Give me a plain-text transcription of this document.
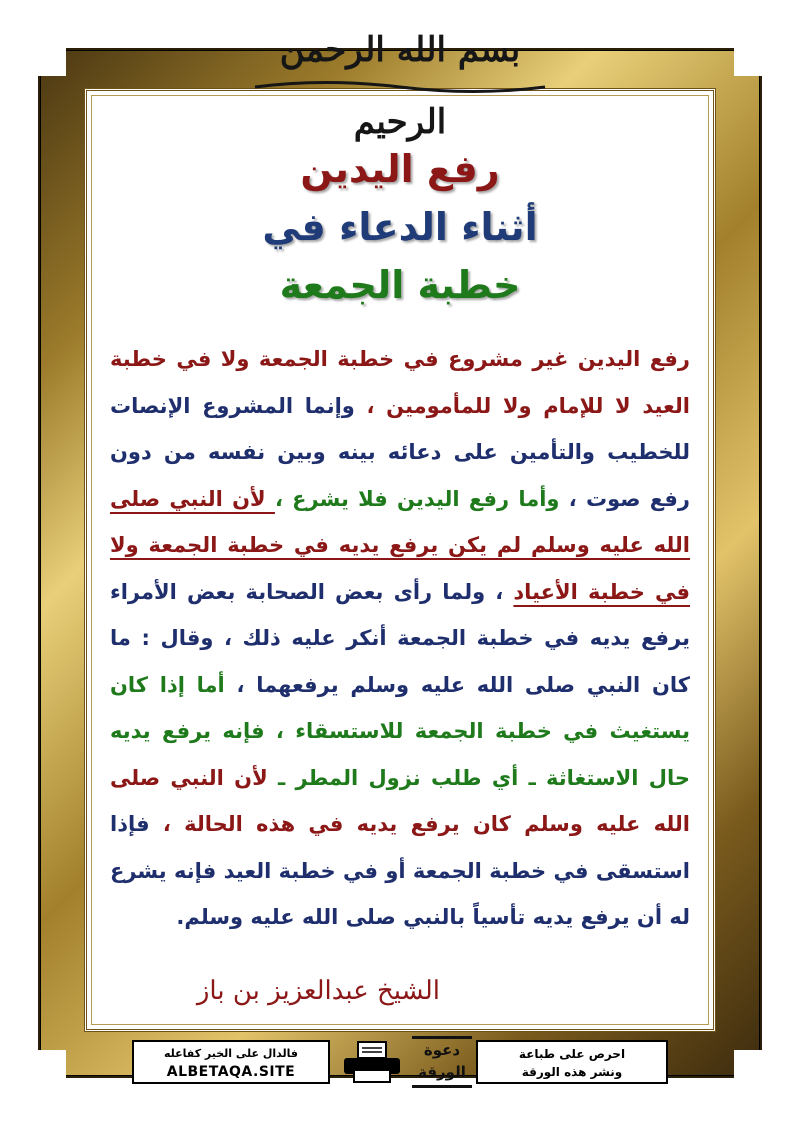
بسم الله الرحمن الرحيم
رفع اليدين
أثناء الدعاء في
خطبة الجمعة
رفع اليدين غير مشروع في خطبة الجمعة ولا في خطبة العيد لا للإمام ولا للمأمومين ، وإنما المشروع الإنصات للخطيب والتأمين على دعائه بينه وبين نفسه من دون رفع صوت ، وأما رفع اليدين فلا يشرع ، لأن النبي صلى الله عليه وسلم لم يكن يرفع يديه في خطبة الجمعة ولا في خطبة الأعياد ، ولما رأى بعض الصحابة بعض الأمراء يرفع يديه في خطبة الجمعة أنكر عليه ذلك ، وقال : ما كان النبي صلى الله عليه وسلم يرفعهما ، أما إذا كان يستغيث في خطبة الجمعة للاستسقاء ، فإنه يرفع يديه حال الاستغاثة ـ أي طلب نزول المطر ـ لأن النبي صلى الله عليه وسلم كان يرفع يديه في هذه الحالة ، فإذا استسقى في خطبة الجمعة أو في خطبة العيد فإنه يشرع له أن يرفع يديه تأسياً بالنبي صلى الله عليه وسلم.
الشيخ عبدالعزيز بن باز
فالدال على الخير كفاعله
ALBETAQA.SITE
دعوة الورقة
احرص على طباعة
ونشر هذه الورقة
